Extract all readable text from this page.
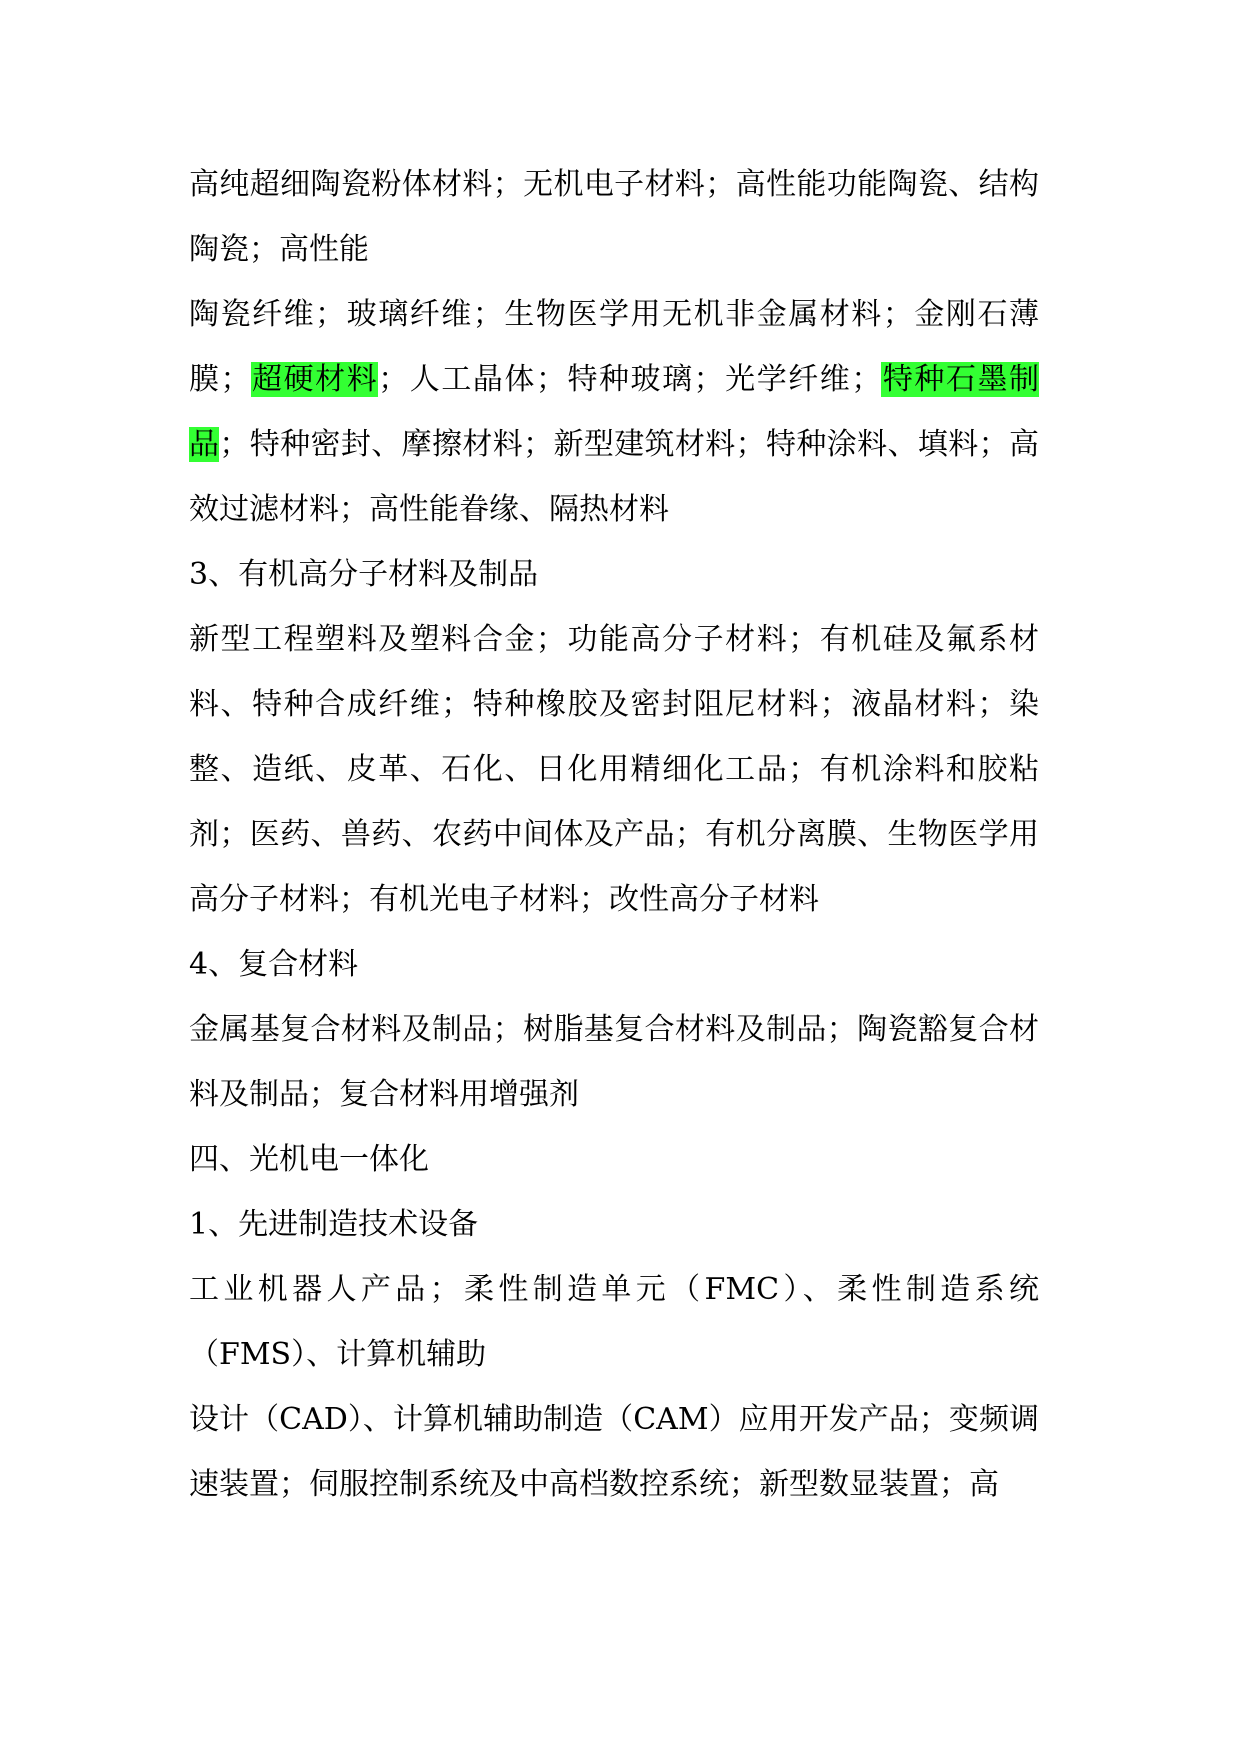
高纯超细陶瓷粉体材料；无机电子材料；高性能功能陶瓷、结构陶瓷；高性能

陶瓷纤维；玻璃纤维；生物医学用无机非金属材料；金刚石薄膜；超硬材料；人工晶体；特种玻璃；光学纤维；特种石墨制品；特种密封、摩擦材料；新型建筑材料；特种涂料、填料；高效过滤材料；高性能眷缘、隔热材料

3、有机高分子材料及制品

新型工程塑料及塑料合金；功能高分子材料；有机硅及氟系材料、特种合成纤维；特种橡胶及密封阻尼材料；液晶材料；染整、造纸、皮革、石化、日化用精细化工品；有机涂料和胶粘剂；医药、兽药、农药中间体及产品；有机分离膜、生物医学用高分子材料；有机光电子材料；改性高分子材料

4、复合材料

金属基复合材料及制品；树脂基复合材料及制品；陶瓷豁复合材料及制品；复合材料用增强剂

四、光机电一体化

1、先进制造技术设备

工业机器人产品；柔性制造单元（FMC）、柔性制造系统（FMS）、计算机辅助

设计（CAD）、计算机辅助制造（CAM）应用开发产品；变频调速装置；伺服控制系统及中高档数控系统；新型数显装置；高
